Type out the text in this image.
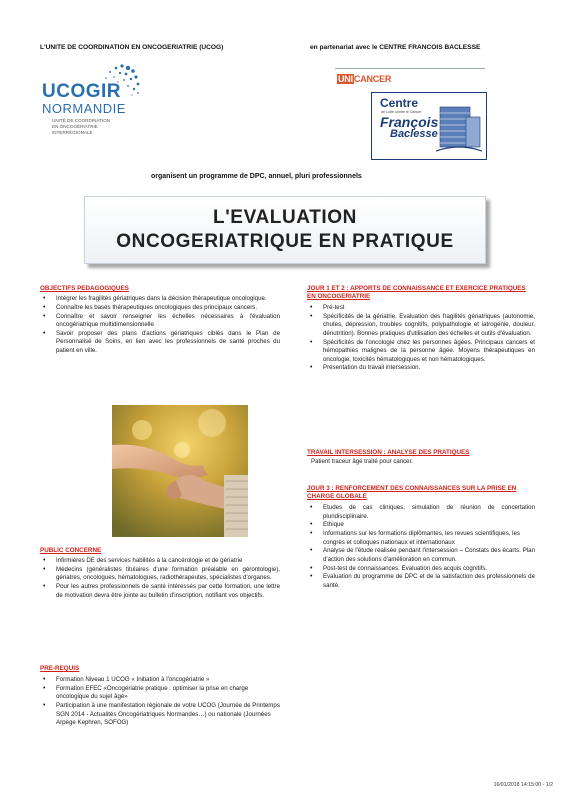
L'UNITE DE COORDINATION EN ONCOGERIATRIE (UCOG)	en partenariat avec le CENTRE FRANCOIS BACLESSE
UCOGIR
NORMANDIE
UNITÉ DE COORDINATION
EN ONCOGÉRIATRIE
INTERRÉGIONALE
UNICANCER
Centre
de Lutte contre le Cancer
François
Baclesse
organisent un programme de DPC, annuel, pluri professionnels
L'EVALUATION
ONCOGERIATRIQUE EN PRATIQUE
OBJECTIFS PEDAGOGIQUES
• Intégrer les fragilités gériatriques dans la décision thérapeutique oncologique.
• Connaître les bases thérapeutiques oncologiques des principaux cancers.
• Connaître et savoir renseigner les échelles nécessaires à l'évaluation oncogériatrique multidimensionnelle
• Savoir proposer des plans d'actions gériatriques ciblés dans le Plan de Personnalisé de Soins, en lien avec les professionnels de santé proches du patient en ville.
PUBLIC CONCERNE
• Infirmières DE des services habilités à la cancérologie et de gériatrie
• Médecins (généralistes titulaires d'une formation préalable en gérontologie), gériatres, oncologues, hématologues, radiothérapeutes, spécialistes d'organes.
• Pour les autres professionnels de santé intéressés par cette formation, une lettre de motivation devra être jointe au bulletin d'inscription, notifiant vos objectifs.
PRE-REQUIS
• Formation Niveau 1 UCOG « Initiation à l'oncogériatrie »
• Formation EFEC «Oncogériatrie pratique : optimiser la prise en charge oncologique du sujet âgé»
• Participation à une manifestation régionale de votre UCOG (Journée de Printemps SGN 2014 - Actualités Oncogériatriques Normandes…) ou nationale (Journées Arpège Kephren, SOFOG)
JOUR 1 ET 2 : APPORTS DE CONNAISSANCE ET EXERCICE PRATIQUES EN ONCOGERIATRIE
• Pré-test
• Spécificités de la gériatrie. Evaluation des fragilités gériatriques (autonomie, chutes, dépression, troubles cognitifs, polypathologie et iatrogénie, douleur, dénutrition). Bonnes pratiques d'utilisation des échelles et outils d'évaluation.
• Spécificités de l'oncologie chez les personnes âgées. Principaux cancers et hémopathies malignes de la personne âgée. Moyens thérapeutiques en oncologie, toxicités hématologiques et non hématologiques.
• Présentation du travail intersession.
TRAVAIL INTERSESSION : ANALYSE DES PRATIQUES
Patient traceur âgé traité pour cancer.
JOUR 3 : RENFORCEMENT DES CONNAISSANCES SUR LA PRISE EN CHARGE GLOBALE
• Etudes de cas cliniques, simulation de réunion de concertation pluridisciplinaire.
• Ethique
• Informations sur les formations diplômantes, les revues scientifiques, les congrès et colloques nationaux et internationaux
• Analyse de l'étude réalisée pendant l'intersession – Constats des écarts. Plan d'action des solutions d'amélioration en commun.
• Post-test de connaissances. Evaluation des acquis cognitifs.
• Evaluation du programme de DPC et de la satisfaction des professionnels de santé.
16/01/2018 14:15:00 - 1/2
